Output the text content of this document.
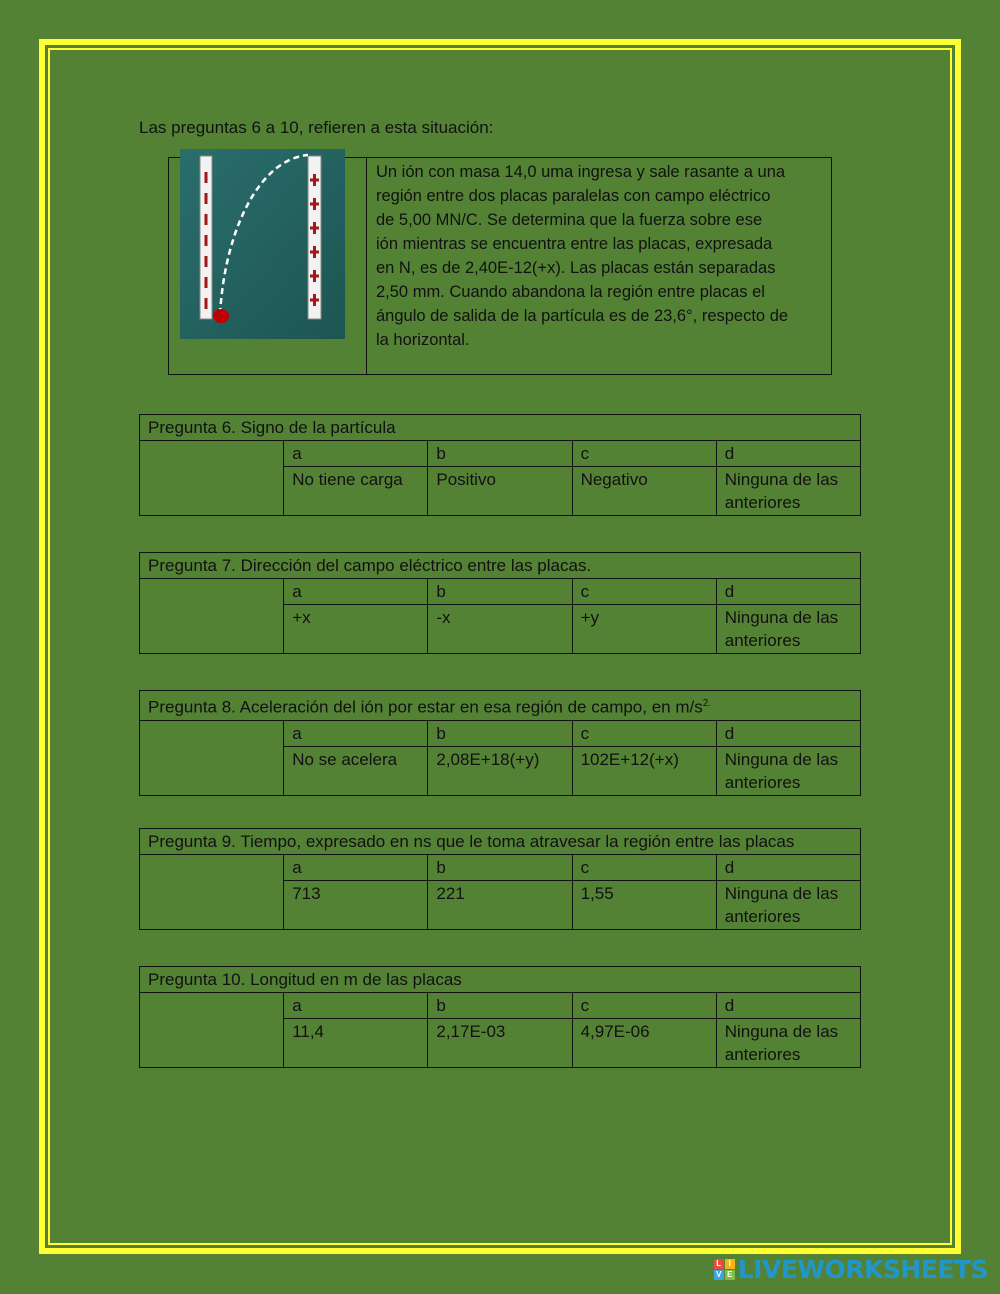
Las preguntas 6 a 10, refieren a esta situación:
Un ión con masa 14,0 uma ingresa y sale rasante a una
región entre dos placas paralelas con campo eléctrico
de 5,00 MN/C. Se determina que la fuerza sobre ese
ión mientras se encuentra entre las placas, expresada
en N, es de 2,40E-12(+x). Las placas están separadas
2,50 mm. Cuando abandona la región entre placas el
ángulo de salida de la partícula es de 23,6°, respecto de
la horizontal.
Pregunta 6. Signo de la partícula				
	a	b	c	d
	No tiene carga	Positivo	Negativo	Ninguna de las anteriores
Pregunta 7. Dirección del campo eléctrico entre las placas.				
	a	b	c	d
	+x	-x	+y	Ninguna de las anteriores
Pregunta 8. Aceleración del ión por estar en esa región de campo, en $m/s^{2.}$
	a	b	c	d
	No se acelera	2,08E+18(+y)	102E+12(+x)	Ninguna de las anteriores
Pregunta 9. Tiempo, expresado en ns que le toma atravesar la región entre las placas				
	a	b	c	d
	713	221	1,55	Ninguna de las anteriores
Pregunta 10. Longitud en m de las placas				
	a	b	c	d
	11,4	2,17E-03	4,97E-06	Ninguna de las anteriores
L I
V E LIVEWORKSHEETS
